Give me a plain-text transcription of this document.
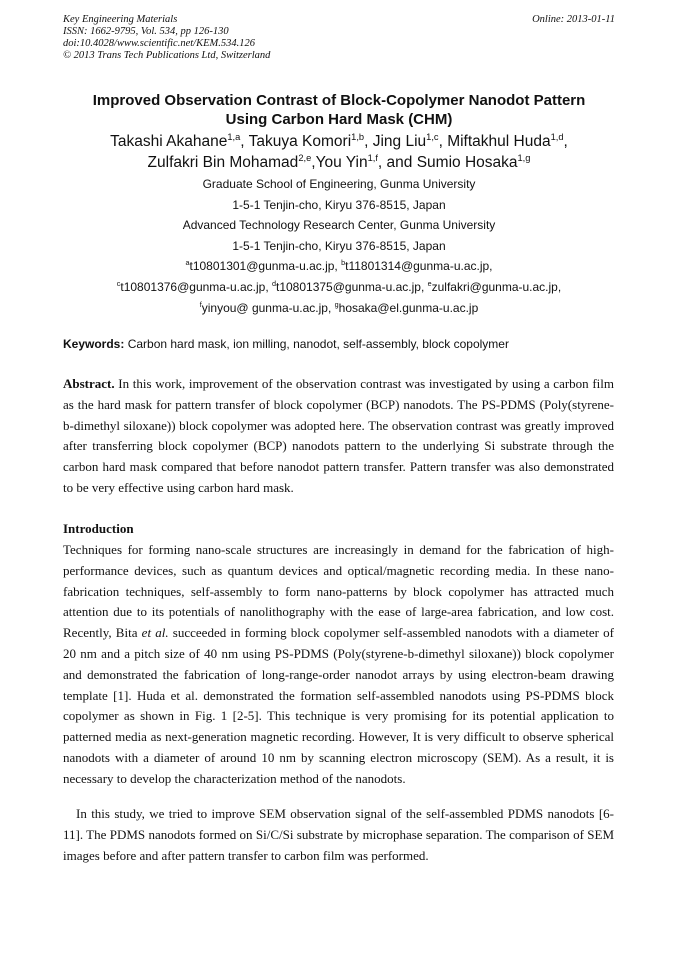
Key Engineering Materials
ISSN: 1662-9795, Vol. 534, pp 126-130
doi:10.4028/www.scientific.net/KEM.534.126
© 2013 Trans Tech Publications Ltd, Switzerland
Online: 2013-01-11
Improved Observation Contrast of Block-Copolymer Nanodot Pattern
Using Carbon Hard Mask (CHM)
Takashi Akahane$^{1,a}$, Takuya Komori$^{1,b}$, Jing Liu$^{1,c}$, Miftakhul Huda$^{1,d}$,
Zulfakri Bin Mohamad$^{2,e}$,You Yin$^{1,f}$, and Sumio Hosaka$^{1,g}$
Graduate School of Engineering, Gunma University
1-5-1 Tenjin-cho, Kiryu 376-8515, Japan
Advanced Technology Research Center, Gunma University
1-5-1 Tenjin-cho, Kiryu 376-8515, Japan
$^a$t10801301@gunma-u.ac.jp, $^b$t11801314@gunma-u.ac.jp,
$^c$t10801376@gunma-u.ac.jp, $^d$t10801375@gunma-u.ac.jp, $^e$zulfakri@gunma-u.ac.jp,
$^f$yinyou@ gunma-u.ac.jp, $^g$hosaka@el.gunma-u.ac.jp
Keywords: Carbon hard mask, ion milling, nanodot, self-assembly, block copolymer

Abstract. In this work, improvement of the observation contrast was investigated by using a carbon film as the hard mask for pattern transfer of block copolymer (BCP) nanodots. The PS-PDMS (Poly(styrene-b-dimethyl siloxane)) block copolymer was adopted here. The observation contrast was greatly improved after transferring block copolymer (BCP) nanodots pattern to the underlying Si substrate through the carbon hard mask compared that before nanodot pattern transfer. Pattern transfer was also demonstrated to be very effective using carbon hard mask.

Introduction

Techniques for forming nano-scale structures are increasingly in demand for the fabrication of high-performance devices, such as quantum devices and optical/magnetic recording media. In these nano-fabrication techniques, self-assembly to form nano-patterns by block copolymer has attracted much attention due to its potentials of nanolithography with the ease of large-area fabrication, and low cost. Recently, Bita et al. succeeded in forming block copolymer self-assembled nanodots with a diameter of 20 nm and a pitch size of 40 nm using PS-PDMS (Poly(styrene-b-dimethyl siloxane)) block copolymer and demonstrated the fabrication of long-range-order nanodot arrays by using electron-beam drawing template [1]. Huda et al. demonstrated the formation self-assembled nanodots using PS-PDMS block copolymer as shown in Fig. 1 [2-5]. This technique is very promising for its potential application to patterned media as next-generation magnetic recording. However, It is very difficult to observe spherical nanodots with a diameter of around 10 nm by scanning electron microscopy (SEM). As a result, it is necessary to develop the characterization method of the nanodots.

In this study, we tried to improve SEM observation signal of the self-assembled PDMS nanodots [6-11]. The PDMS nanodots formed on Si/C/Si substrate by microphase separation. The comparison of SEM images before and after pattern transfer to carbon film was performed.
